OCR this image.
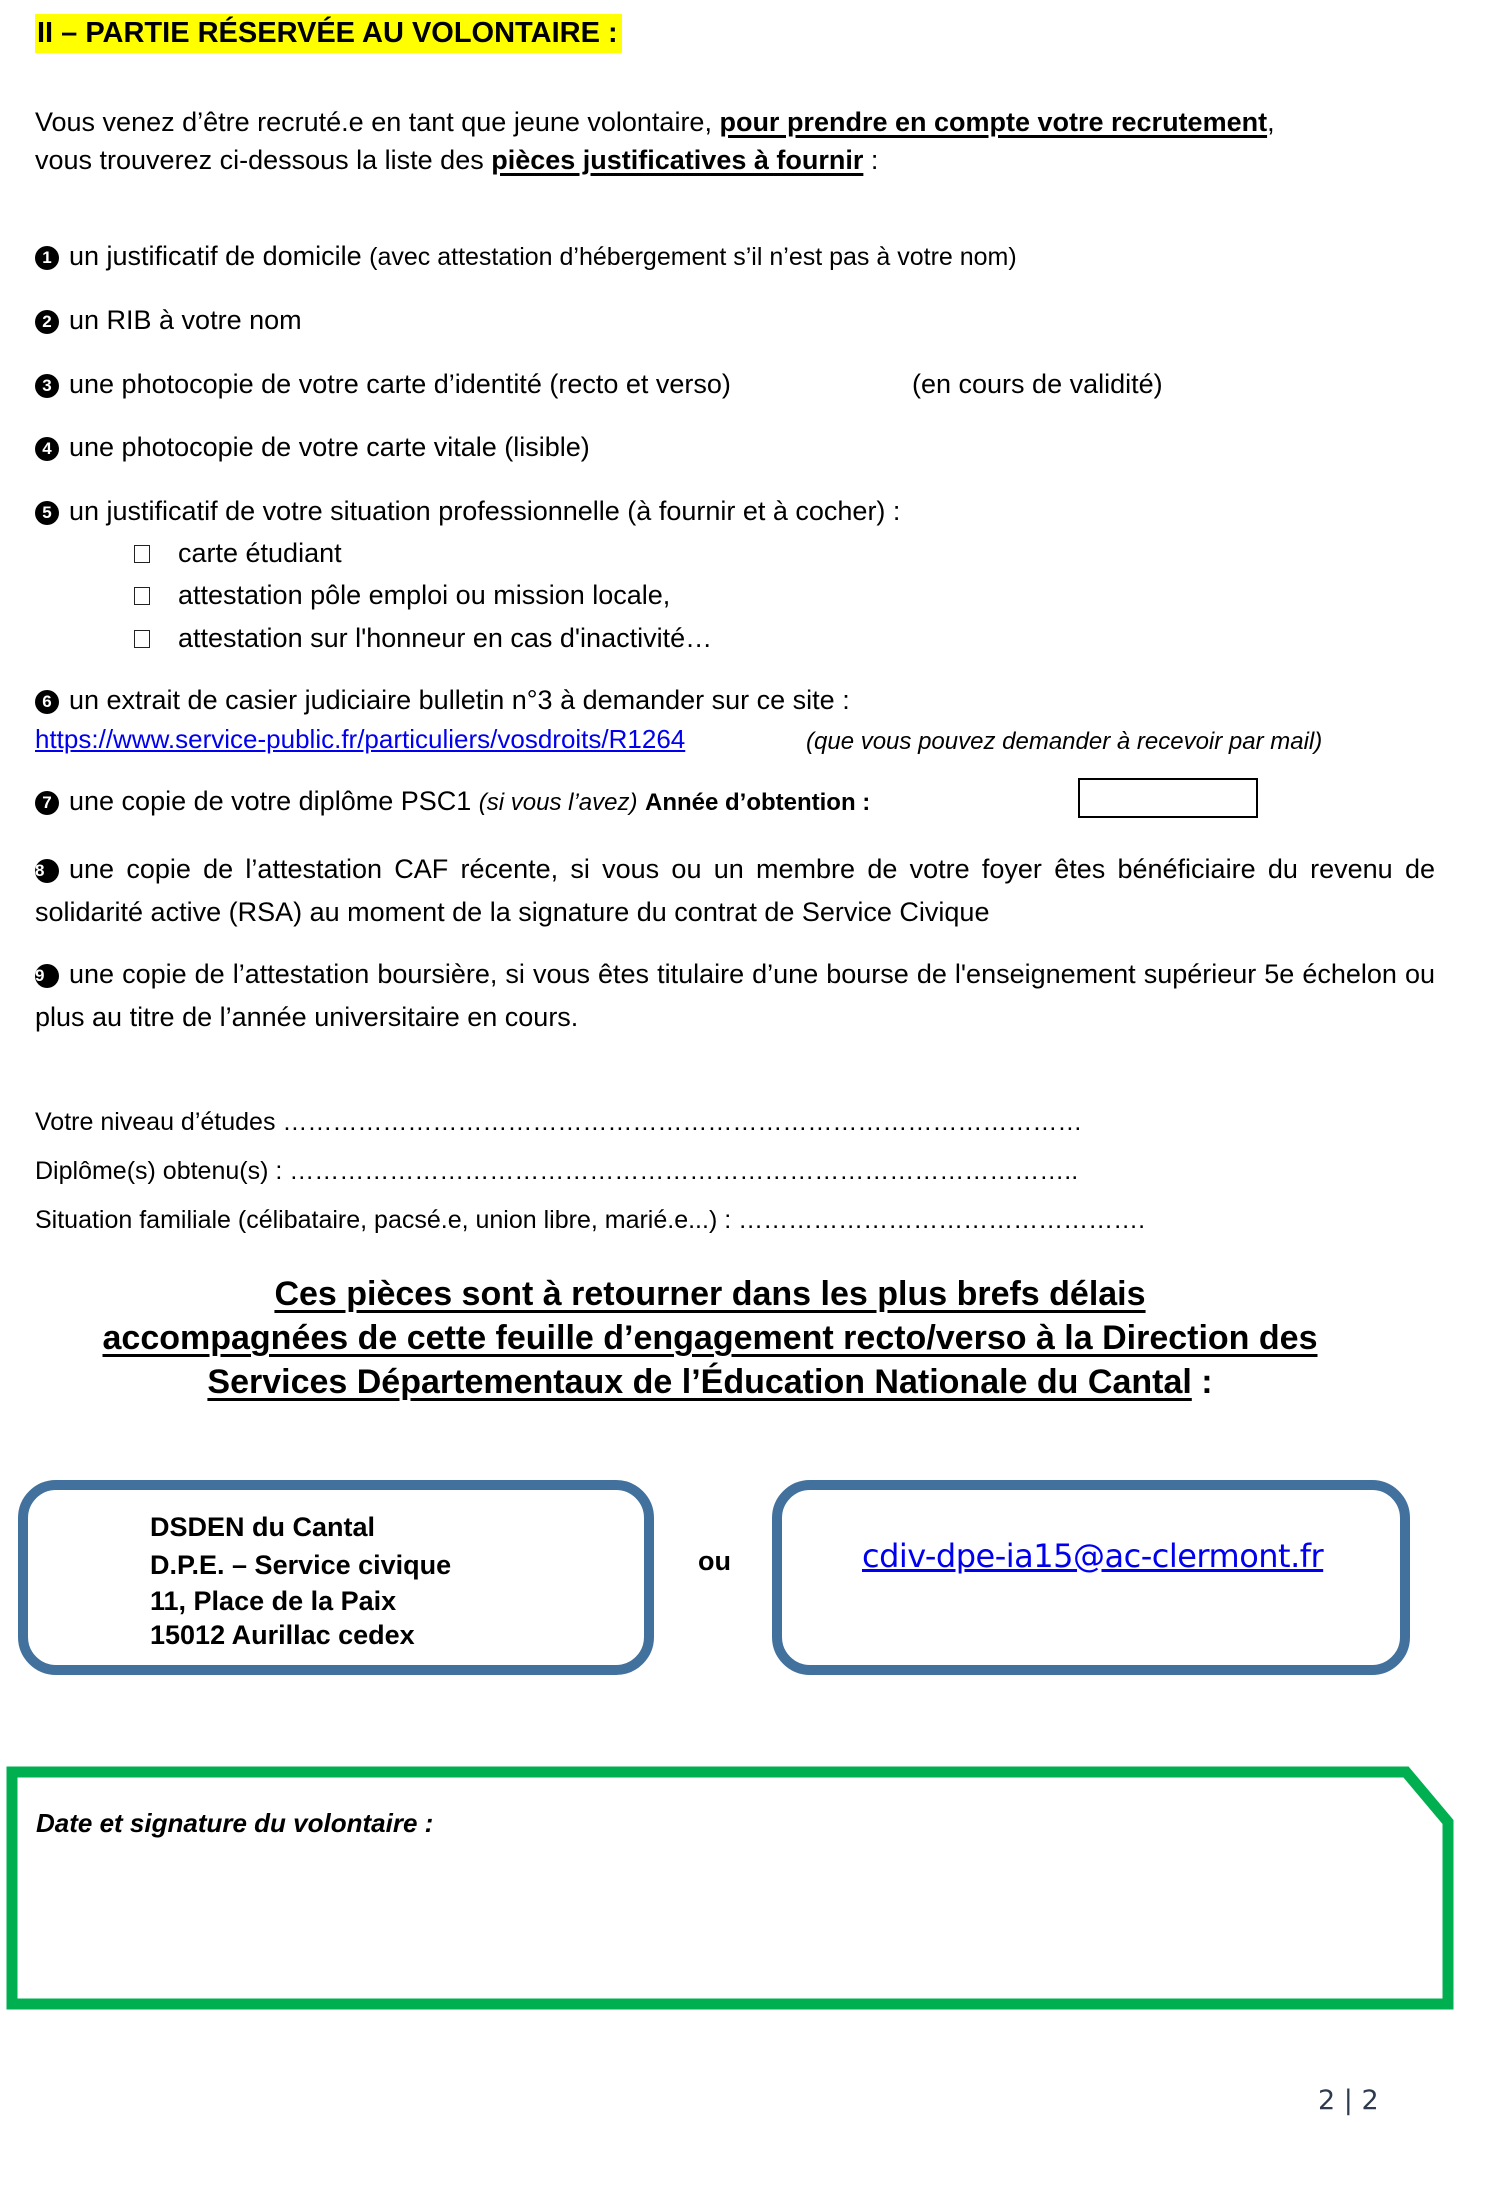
II – PARTIE RÉSERVÉE AU VOLONTAIRE :
Vous venez d’être recruté.e en tant que jeune volontaire, pour prendre en compte votre recrutement,
vous trouverez ci-dessous la liste des pièces justificatives à fournir :
1 un justificatif de domicile (avec attestation d’hébergement s’il n’est pas à votre nom)
2 un RIB à votre nom
3 une photocopie de votre carte d’identité (recto et verso)	(en cours de validité)
4 une photocopie de votre carte vitale (lisible)
5 un justificatif de votre situation professionnelle (à fournir et à cocher) :
carte étudiant
attestation pôle emploi ou mission locale,
attestation sur l'honneur en cas d'inactivité…
6 un extrait de casier judiciaire bulletin n°3 à demander sur ce site :
https://www.service-public.fr/particuliers/vosdroits/R1264	(que vous pouvez demander à recevoir par mail)
7 une copie de votre diplôme PSC1 (si vous l’avez) Année d’obtention :
8 une copie de l’attestation CAF récente, si vous ou un membre de votre foyer êtes bénéficiaire du revenu de solidarité active (RSA) au moment de la signature du contrat de Service Civique
9 une copie de l’attestation boursière, si vous êtes titulaire d’une bourse de l'enseignement supérieur 5e échelon ou plus au titre de l’année universitaire en cours.
Votre niveau d’études ……………………………………………………………………………………
Diplôme(s) obtenu(s) : …………………………………………………………………………………..
Situation familiale (célibataire, pacsé.e, union libre, marié.e...) : ………………………………………….
Ces pièces sont à retourner dans les plus brefs délais
accompagnées de cette feuille d’engagement recto/verso à la Direction des
Services Départementaux de l’Éducation Nationale du Cantal :
DSDEN du Cantal
D.P.E. – Service civique
11, Place de la Paix
15012 Aurillac cedex
ou	cdiv-dpe-ia15@ac-clermont.fr
Date et signature du volontaire :
2 | 2
